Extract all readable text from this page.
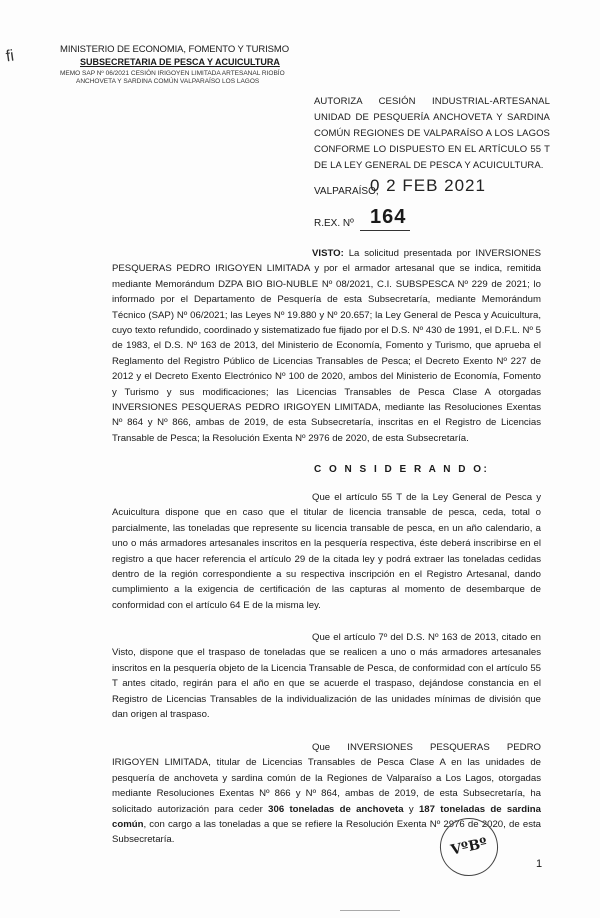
ﬁ	MINISTERIO DE ECONOMIA, FOMENTO Y TURISMO
SUBSECRETARIA DE PESCA Y ACUICULTURA
MEMO SAP Nº 06/2021 CESIÓN IRIGOYEN LIMITADA ARTESANAL RIOBÍO
ANCHOVETA Y SARDINA COMÚN VALPARAÍSO LOS LAGOS
AUTORIZA CESIÓN INDUSTRIAL-ARTESANAL UNIDAD DE PESQUERÍA ANCHOVETA Y SARDINA COMÚN REGIONES DE VALPARAÍSO A LOS LAGOS CONFORME LO DISPUESTO EN EL ARTÍCULO 55 T DE LA LEY GENERAL DE PESCA Y ACUICULTURA.
VALPARAÍSO,
0 2 FEB 2021
R.EX. Nº 164
VISTO: La solicitud presentada por INVERSIONES PESQUERAS PEDRO IRIGOYEN LIMITADA y por el armador artesanal que se indica, remitida mediante Memorándum DZPA BIO BIO-NUBLE Nº 08/2021, C.I. SUBSPESCA Nº 229 de 2021; lo informado por el Departamento de Pesquería de esta Subsecretaría, mediante Memorándum Técnico (SAP) Nº 06/2021; las Leyes Nº 19.880 y Nº 20.657; la Ley General de Pesca y Acuicultura, cuyo texto refundido, coordinado y sistematizado fue fijado por el D.S. Nº 430 de 1991, el D.F.L. Nº 5 de 1983, el D.S. Nº 163 de 2013, del Ministerio de Economía, Fomento y Turismo, que aprueba el Reglamento del Registro Público de Licencias Transables de Pesca; el Decreto Exento Nº 227 de 2012 y el Decreto Exento Electrónico Nº 100 de 2020, ambos del Ministerio de Economía, Fomento y Turismo y sus modificaciones; las Licencias Transables de Pesca Clase A otorgadas INVERSIONES PESQUERAS PEDRO IRIGOYEN LIMITADA, mediante las Resoluciones Exentas Nº 864 y Nº 866, ambas de 2019, de esta Subsecretaría, inscritas en el Registro de Licencias Transable de Pesca; la Resolución Exenta Nº 2976 de 2020, de esta Subsecretaría.
C O N S I D E R A N D O:
Que el artículo 55 T de la Ley General de Pesca y Acuicultura dispone que en caso que el titular de licencia transable de pesca, ceda, total o parcialmente, las toneladas que represente su licencia transable de pesca, en un año calendario, a uno o más armadores artesanales inscritos en la pesquería respectiva, éste deberá inscribirse en el registro a que hacer referencia el artículo 29 de la citada ley y podrá extraer las toneladas cedidas dentro de la región correspondiente a su respectiva inscripción en el Registro Artesanal, dando cumplimiento a la exigencia de certificación de las capturas al momento de desembarque de conformidad con el artículo 64 E de la misma ley.
Que el artículo 7º del D.S. Nº 163 de 2013, citado en Visto, dispone que el traspaso de toneladas que se realicen a uno o más armadores artesanales inscritos en la pesquería objeto de la Licencia Transable de Pesca, de conformidad con el artículo 55 T antes citado, regirán para el año en que se acuerde el traspaso, dejándose constancia en el Registro de Licencias Transables de la individualización de las unidades mínimas de división que dan origen al traspaso.
Que INVERSIONES PESQUERAS PEDRO IRIGOYEN LIMITADA, titular de Licencias Transables de Pesca Clase A en las unidades de pesquería de anchoveta y sardina común de la Regiones de Valparaíso a Los Lagos, otorgadas mediante Resoluciones Exentas Nº 866 y Nº 864, ambas de 2019, de esta Subsecretaría, ha solicitado autorización para ceder 306 toneladas de anchoveta y 187 toneladas de sardina común, con cargo a las toneladas a que se refiere la Resolución Exenta Nº 2976 de 2020, de esta Subsecretaría.	VºBº
1
